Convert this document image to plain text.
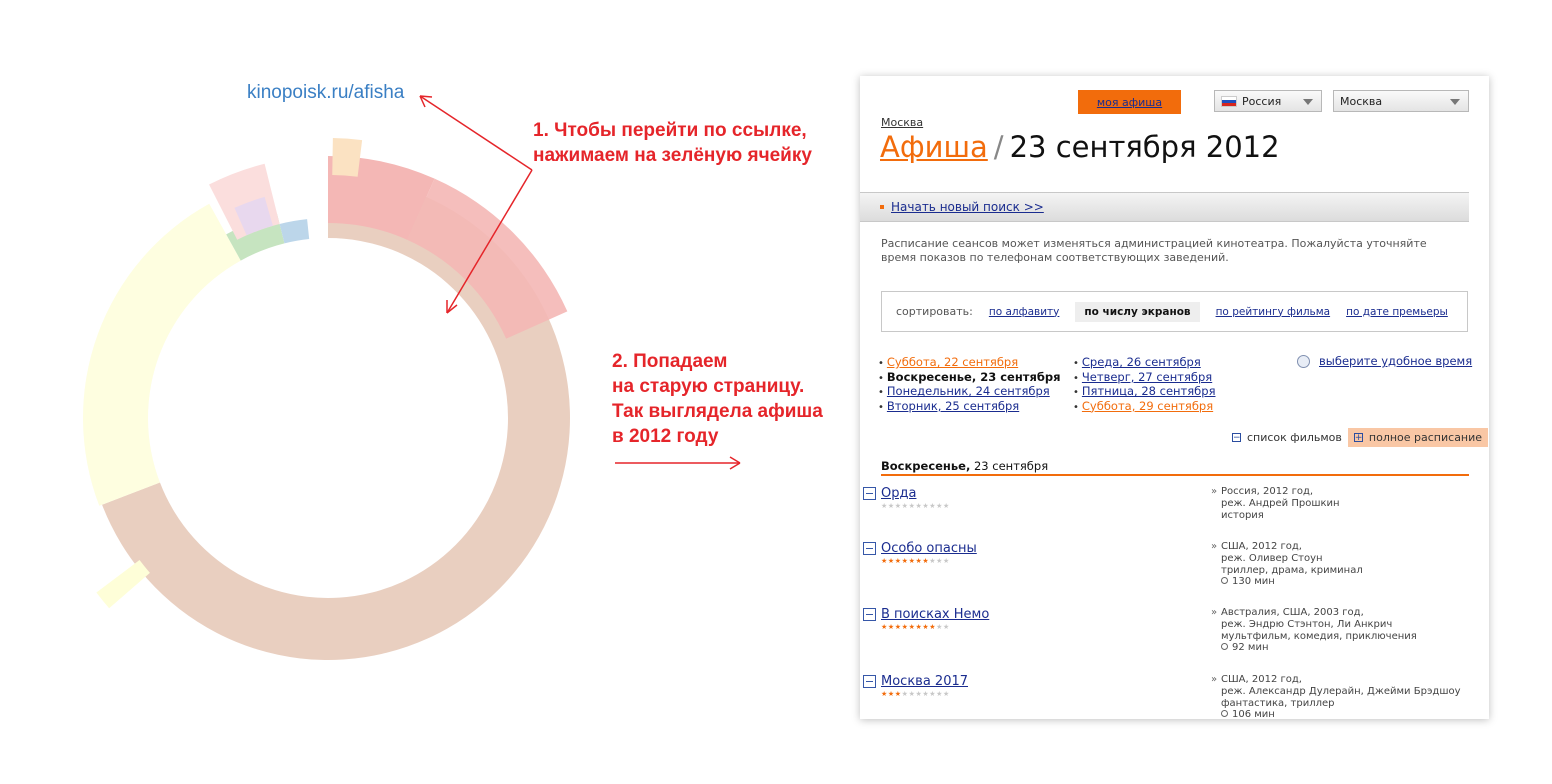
kinopoisk.ru/afisha
1. Чтобы перейти по ссылке,
нажимаем на зелёную ячейку
2. Попадаем
на старую страницу.
Так выглядела афиша
в 2012 году
моя афиша	Россия	Москва
Москва
Афиша / 23 сентября 2012
Начать новый поиск >>
Расписание сеансов может изменяться администрацией кинотеатра. Пожалуйста уточняйте время показов по телефонам соответствующих заведений.
сортировать: по алфавиту	по числу экранов	по рейтингу фильма по дате премьеры
• Суббота, 22 сентября
• Воскресенье, 23 сентября
• Понедельник, 24 сентября
• Вторник, 25 сентября
• Среда, 26 сентября
• Четверг, 27 сентября
• Пятница, 28 сентября
• Суббота, 29 сентября
выберите удобное время
− список фильмов + полное расписание
Воскресенье, 23 сентября
Орда
★★★★★★★★★★
» Россия, 2012 год,
реж. Андрей Прошкин
история
Особо опасны
★★★★★★★★★★
» США, 2012 год,
реж. Оливер Стоун
триллер, драма, криминал
130 мин
В поисках Немо
★★★★★★★★★★
» Австралия, США, 2003 год,
реж. Эндрю Стэнтон, Ли Анкрич
мультфильм, комедия, приключения
92 мин
Москва 2017
★★★★★★★★★★
» США, 2012 год,
реж. Александр Дулерайн, Джейми Брэдшоу
фантастика, триллер
106 мин
